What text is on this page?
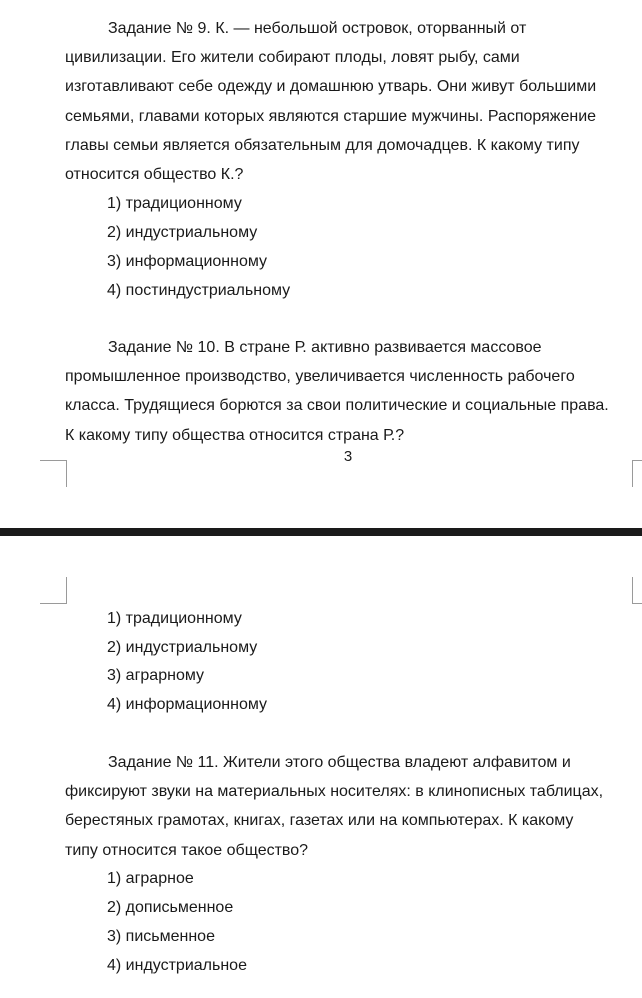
Задание № 9. К. — небольшой островок, оторванный от
цивилизации. Его жители собирают плоды, ловят рыбу, сами
изготавливают себе одежду и домашнюю утварь. Они живут большими
семьями, главами которых являются старшие мужчины. Распоряжение
главы семьи является обязательным для домочадцев. К какому типу
относится общество К.?
1) традиционному
2) индустриальному
3) информационному
4) постиндустриальному
Задание № 10. В стране Р. активно развивается массовое
промышленное производство, увеличивается численность рабочего
класса. Трудящиеся борются за свои политические и социальные права.
К какому типу общества относится страна Р.?
3
1) традиционному
2) индустриальному
3) аграрному
4) информационному
Задание № 11. Жители этого общества владеют алфавитом и
фиксируют звуки на материальных носителях: в клинописных таблицах,
берестяных грамотах, книгах, газетах или на компьютерах. К какому
типу относится такое общество?
1) аграрное
2) дописьменное
3) письменное
4) индустриальное
